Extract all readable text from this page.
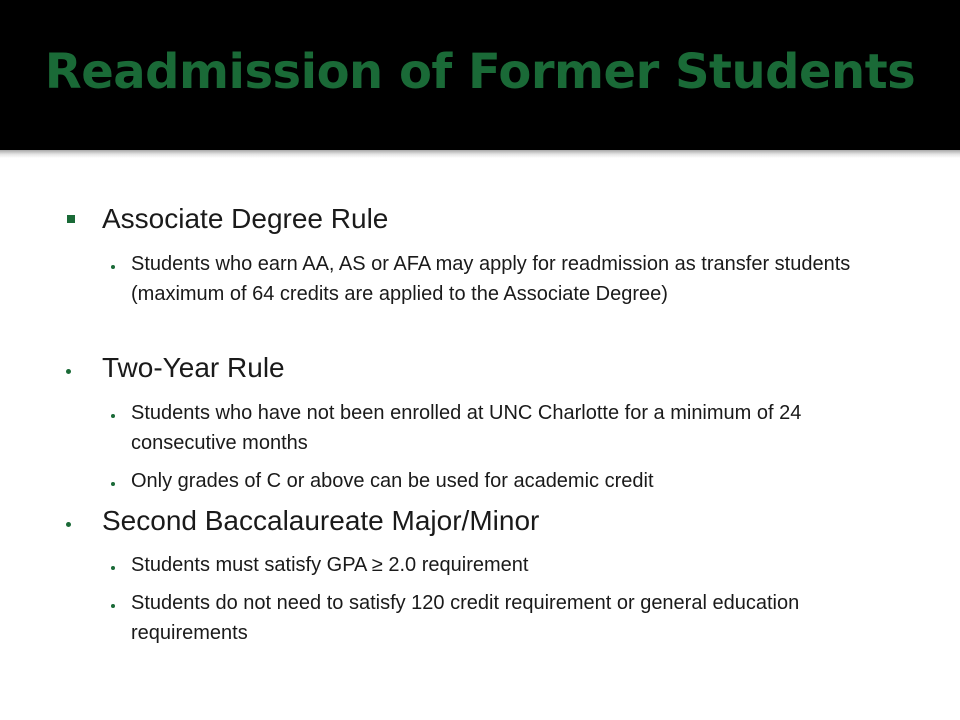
Readmission of Former Students
Associate Degree Rule
Students who earn AA, AS or AFA may apply for readmission as transfer students (maximum of 64 credits are applied to the Associate Degree)
Two-Year Rule
Students who have not been enrolled at UNC Charlotte for a minimum of 24 consecutive months
Only grades of C or above can be used for academic credit
Second Baccalaureate Major/Minor
Students must satisfy GPA ≥ 2.0 requirement
Students do not need to satisfy 120 credit requirement or general education requirements
